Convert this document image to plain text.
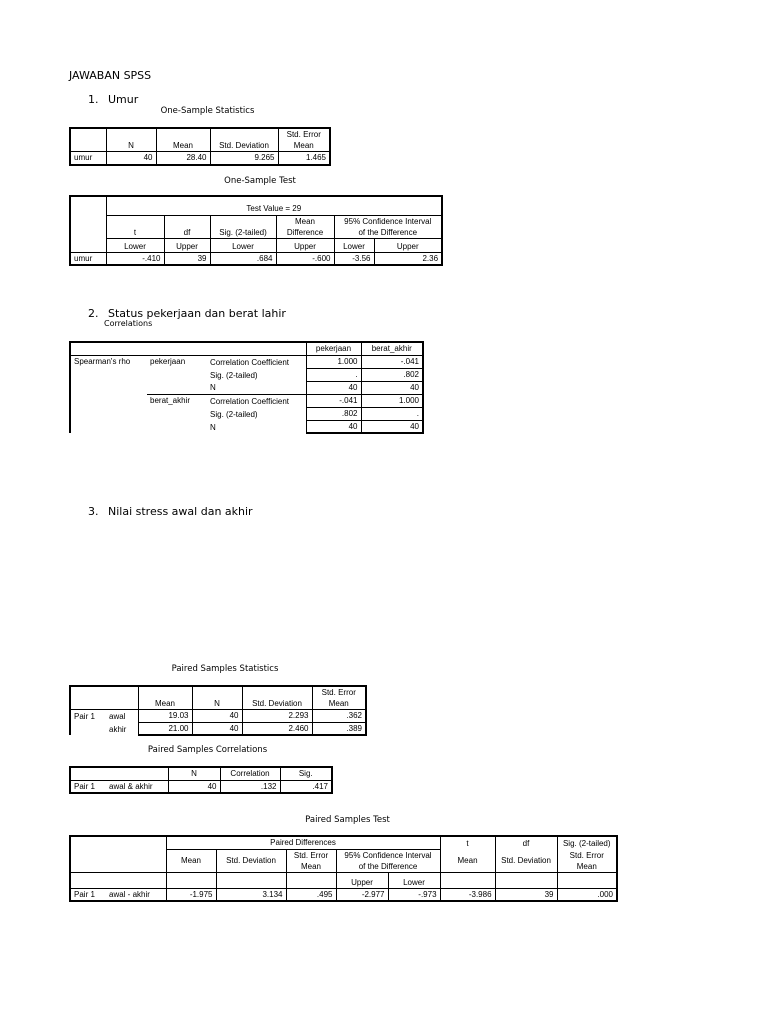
JAWABAN SPSS
1. Umur
One-Sample Statistics
	N	Mean	Std. Deviation	Std. Error
				Mean
umur	40	28.40	9.265	1.465
One-Sample Test
	Test Value = 29					
	t	df	Sig. (2-tailed)	Mean	95% Confidence Interval	
				Difference	of the Difference	
	Lower	Upper	Lower	Upper	Lower	Upper
umur	-.410	39	.684	-.600	-3.56	2.36
2. Status pekerjaan dan berat lahir
Correlations
			pekerjaan	berat_akhir
Spearman's rho	pekerjaan	Correlation Coefficient	1.000	-.041
		Sig. (2-tailed)	.	.802
		N	40	40
	berat_akhir	Correlation Coefficient	-.041	1.000
		Sig. (2-tailed)	.802	.
		N	40	40
3. Nilai stress awal dan akhir
Paired Samples Statistics
		Mean	N	Std. Deviation	Std. Error
					Mean
Pair 1	awal	19.03	40	2.293	.362
	akhir	21.00	40	2.460	.389
Paired Samples Correlations
		N	Correlation	Sig.
Pair 1	awal & akhir	40	.132	.417
Paired Samples Test
		Paired Differences					t	df	Sig. (2-tailed)
		Mean	Std. Deviation	Std. Error	95% Confidence Interval		Mean	Std. Deviation	Std. Error
				Mean	of the Difference				Mean
					Upper	Lower			
Pair 1	awal - akhir	-1.975	3.134	.495	-2.977	-.973	-3.986	39	.000
